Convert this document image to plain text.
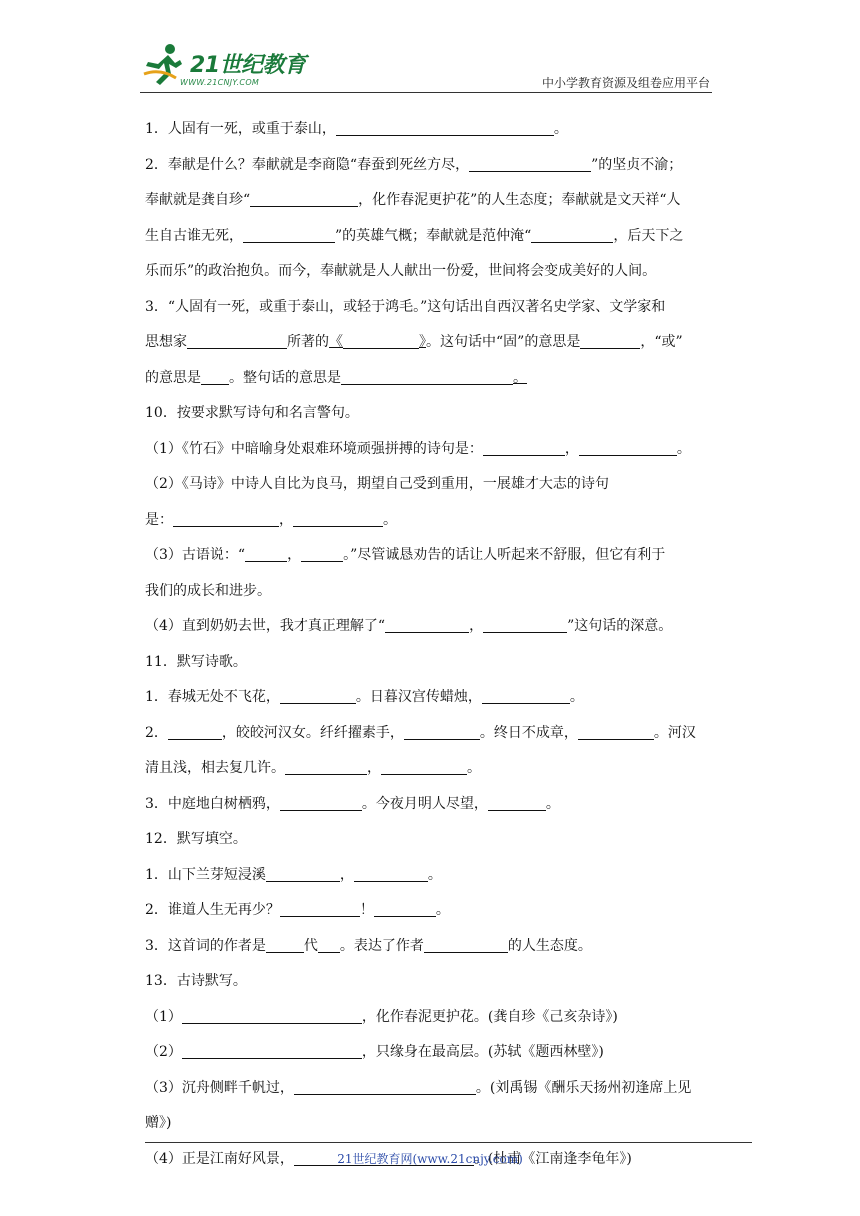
21世纪教育
WWW.21CNJY.COM	中小学教育资源及组卷应用平台
1．人固有一死，或重于泰山，	。
2．奉献是什么？奉献就是李商隐“春蚕到死丝方尽，	”的坚贞不渝；
奉献就是龚自珍“	，化作春泥更护花”的人生态度；奉献就是文天祥“人
生自古谁无死，	”的英雄气概；奉献就是范仲淹“	，后天下之
乐而乐”的政治抱负。而今，奉献就是人人献出一份爱，世间将会变成美好的人间。
3．“人固有一死，或重于泰山，或轻于鸿毛。”这句话出自西汉著名史学家、文学家和
思想家	所著的《	》。这句话中“固”的意思是	，“或”
的意思是 。整句话的意思是	。
10．按要求默写诗句和名言警句。
（1）《竹石》中暗喻身处艰难环境顽强拼搏的诗句是：	，	。
（2）《马诗》中诗人自比为良马，期望自己受到重用，一展雄才大志的诗句
是：	，	。
（3）古语说：“	，	。”尽管诚恳劝告的话让人听起来不舒服，但它有利于
我们的成长和进步。
（4）直到奶奶去世，我才真正理解了“	，	”这句话的深意。
11．默写诗歌。
1．春城无处不飞花，	。日暮汉宫传蜡烛，	。
2．	，皎皎河汉女。纤纤擢素手，	。终日不成章，	。河汉
清且浅，相去复几许。	，	。
3．中庭地白树栖鸦，	。今夜月明人尽望，	。
12．默写填空。
1．山下兰芽短浸溪	，	。
2．谁道人生无再少？	！	。
3．这首词的作者是	代 。表达了作者	的人生态度。
13．古诗默写。
（1）	，化作春泥更护花。(龚自珍《己亥杂诗》)
（2）	，只缘身在最高层。(苏轼《题西林壁》)
（3）沉舟侧畔千帆过，	。(刘禹锡《酬乐天扬州初逢席上见
赠》)
（4）正是江南好风景，	。(杜甫《江南逢李龟年》)
21世纪教育网(www.21cnjy.com)
